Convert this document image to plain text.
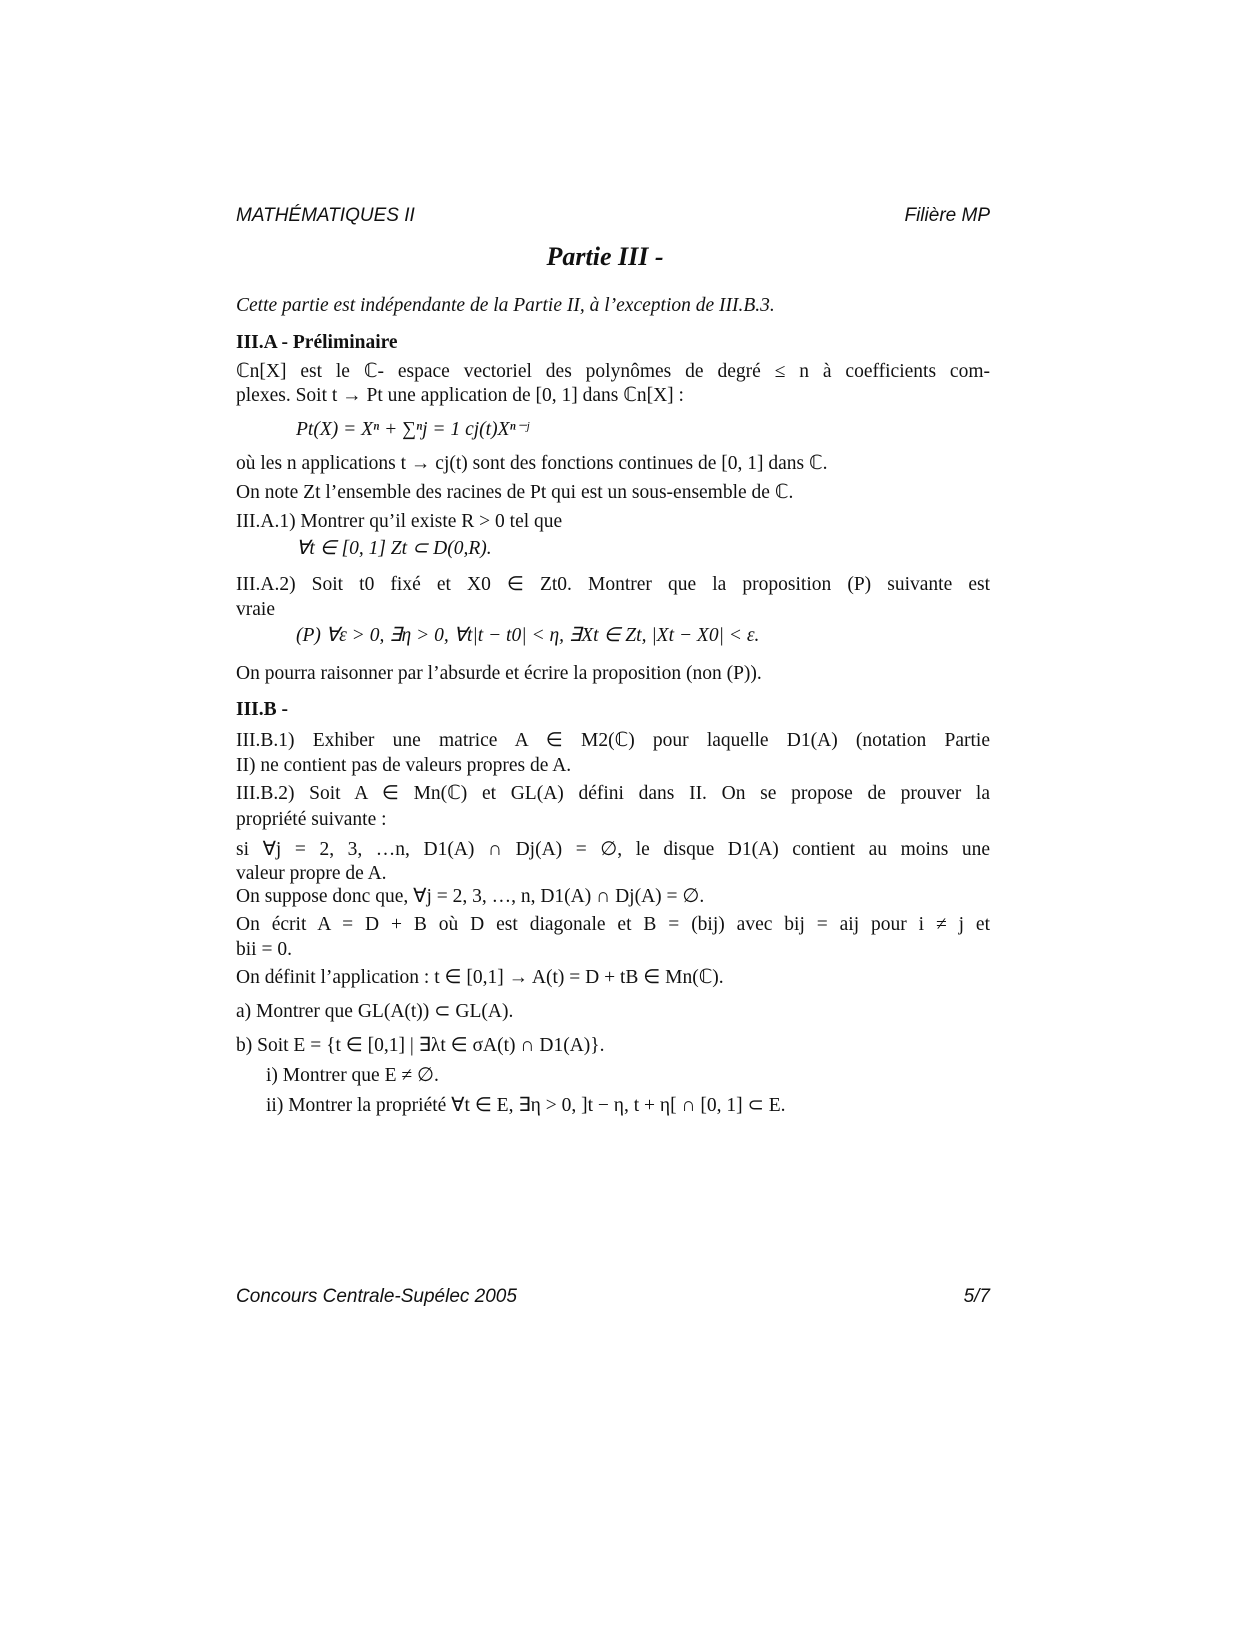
MATHÉMATIQUES II	Filière MP
Partie III -
Cette partie est indépendante de la Partie II, à l’exception de III.B.3.
III.A - Préliminaire
ℂn[X] est le ℂ- espace vectoriel des polynômes de degré ≤ n à coefficients com-
plexes. Soit t → Pt une application de [0, 1] dans ℂn[X] :
Pt(X) = Xⁿ + ∑ⁿj = 1 cj(t)Xⁿ⁻ʲ
où les n applications t → cj(t) sont des fonctions continues de [0, 1] dans ℂ.
On note Zt l’ensemble des racines de Pt qui est un sous-ensemble de ℂ.
III.A.1) Montrer qu’il existe R > 0 tel que
∀t ∈ [0, 1] Zt ⊂ D(0,R).
III.A.2) Soit t0 fixé et X0 ∈ Zt0. Montrer que la proposition (P) suivante est
vraie
(P) ∀ε > 0, ∃η > 0, ∀t|t − t0| < η, ∃Xt ∈ Zt, |Xt − X0| < ε.
On pourra raisonner par l’absurde et écrire la proposition (non (P)).
III.B -
III.B.1) Exhiber une matrice A ∈ M2(ℂ) pour laquelle D1(A) (notation Partie
II) ne contient pas de valeurs propres de A.
III.B.2) Soit A ∈ Mn(ℂ) et GL(A) défini dans II. On se propose de prouver la
propriété suivante :
si ∀j = 2, 3, …n, D1(A) ∩ Dj(A) = ∅, le disque D1(A) contient au moins une
valeur propre de A.
On suppose donc que, ∀j = 2, 3, …, n, D1(A) ∩ Dj(A) = ∅.
On écrit A = D + B où D est diagonale et B = (bij) avec bij = aij pour i ≠ j et
bii = 0.
On définit l’application : t ∈ [0,1] → A(t) = D + tB ∈ Mn(ℂ).
a) Montrer que GL(A(t)) ⊂ GL(A).
b) Soit E = {t ∈ [0,1] | ∃λt ∈ σA(t) ∩ D1(A)}.
i) Montrer que E ≠ ∅.
ii) Montrer la propriété ∀t ∈ E, ∃η > 0, ]t − η, t + η[ ∩ [0, 1] ⊂ E.
Concours Centrale-Supélec 2005	5/7
